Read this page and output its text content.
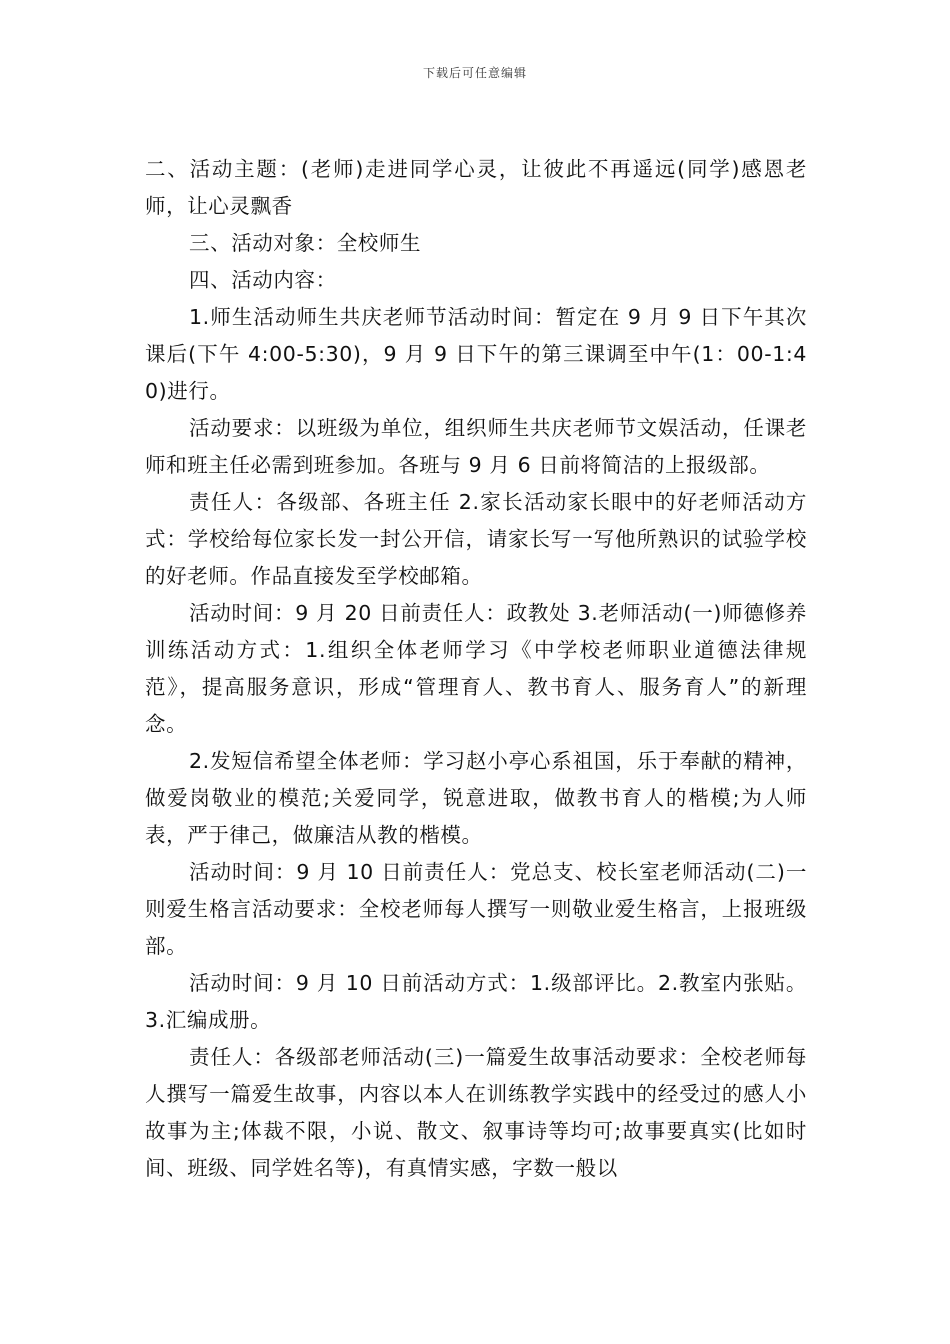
下载后可任意编辑

二、活动主题：(老师)走进同学心灵，让彼此不再遥远(同学)感恩老师，让心灵飘香

三、活动对象：全校师生

四、活动内容：

1.师生活动师生共庆老师节活动时间：暂定在 9 月 9 日下午其次课后(下午 4:00-5:30)，9 月 9 日下午的第三课调至中午(1：00-1:40)进行。

活动要求：以班级为单位，组织师生共庆老师节文娱活动，任课老师和班主任必需到班参加。各班与 9 月 6 日前将简洁的上报级部。

责任人：各级部、各班主任 2.家长活动家长眼中的好老师活动方式：学校给每位家长发一封公开信，请家长写一写他所熟识的试验学校的好老师。作品直接发至学校邮箱。

活动时间：9 月 20 日前责任人：政教处 3.老师活动(一)师德修养训练活动方式：1.组织全体老师学习《中学校老师职业道德法律规范》，提高服务意识，形成“管理育人、教书育人、服务育人”的新理念。

2.发短信希望全体老师：学习赵小亭心系祖国，乐于奉献的精神，做爱岗敬业的模范;关爱同学，锐意进取，做教书育人的楷模;为人师表，严于律己，做廉洁从教的楷模。

活动时间：9 月 10 日前责任人：党总支、校长室老师活动(二)一则爱生格言活动要求：全校老师每人撰写一则敬业爱生格言，上报班级部。

活动时间：9 月 10 日前活动方式：1.级部评比。2.教室内张贴。3.汇编成册。

责任人：各级部老师活动(三)一篇爱生故事活动要求：全校老师每人撰写一篇爱生故事，内容以本人在训练教学实践中的经受过的感人小故事为主;体裁不限，小说、散文、叙事诗等均可;故事要真实(比如时间、班级、同学姓名等)，有真情实感，字数一般以
